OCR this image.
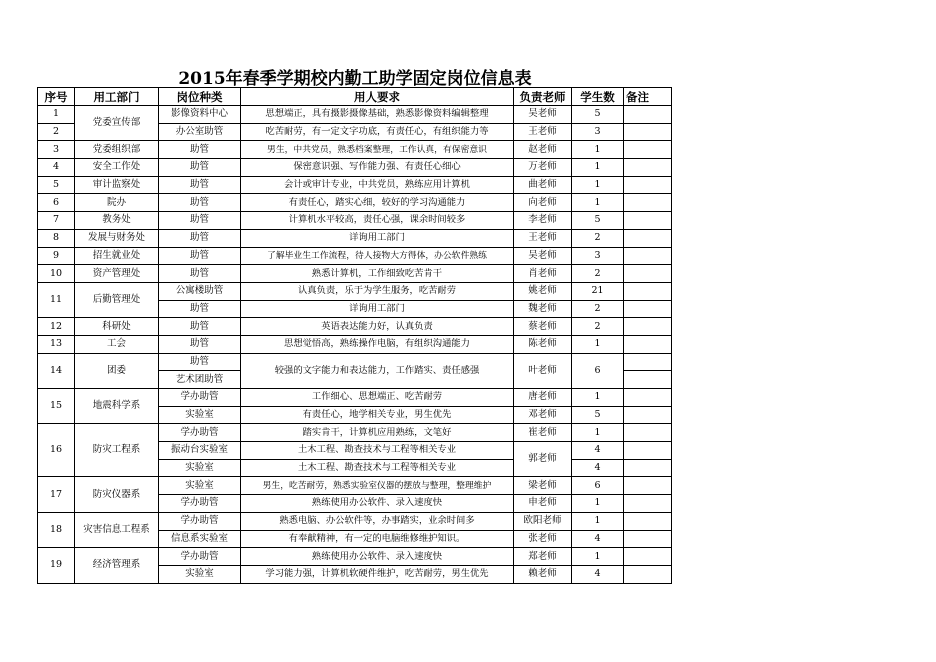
2015年春季学期校内勤工助学固定岗位信息表
序号	用工部门	岗位种类	用人要求	负责老师	学生数	备注
1	党委宣传部	影像资料中心	思想端正，具有摄影摄像基础，熟悉影像资料编辑整理	吴老师	5	
2		办公室助管	吃苦耐劳，有一定文字功底，有责任心，有组织能力等	王老师	3	
3	党委组织部	助管	男生，中共党员，熟悉档案整理，工作认真，有保密意识	赵老师	1	
4	安全工作处	助管	保密意识强、写作能力强、有责任心细心	万老师	1	
5	审计监察处	助管	会计或审计专业，中共党员，熟练应用计算机	曲老师	1	
6	院办	助管	有责任心，踏实心细，较好的学习沟通能力	向老师	1	
7	教务处	助管	计算机水平较高，责任心强，课余时间较多	李老师	5	
8	发展与财务处	助管	详询用工部门	王老师	2	
9	招生就业处	助管	了解毕业生工作流程，待人接物大方得体，办公软件熟练	吴老师	3	
10	资产管理处	助管	熟悉计算机，工作细致吃苦肯干	肖老师	2	
11	后勤管理处	公寓楼助管	认真负责，乐于为学生服务，吃苦耐劳	姚老师	21	
		助管	详询用工部门	魏老师	2	
12	科研处	助管	英语表达能力好，认真负责	蔡老师	2	
13	工会	助管	思想觉悟高，熟练操作电脑，有组织沟通能力	陈老师	1	
14	团委	助管	较强的文字能力和表达能力，工作踏实、责任感强	叶老师	6	
		艺术团助管				
15	地震科学系	学办助管	工作细心、思想端正、吃苦耐劳	唐老师	1	
		实验室	有责任心，地学相关专业，男生优先	邓老师	5	
16	防灾工程系	学办助管	踏实肯干，计算机应用熟练，文笔好	崔老师	1	
		振动台实验室	土木工程、勘查技术与工程等相关专业	郭老师	4	
		实验室	土木工程、勘查技术与工程等相关专业		4	
17	防灾仪器系	实验室	男生，吃苦耐劳，熟悉实验室仪器的摆放与整理，整理维护	梁老师	6	
		学办助管	熟练使用办公软件、录入速度快	申老师	1	
18	灾害信息工程系	学办助管	熟悉电脑、办公软件等，办事踏实，业余时间多	欧阳老师	1	
		信息系实验室	有奉献精神，有一定的电脑维修维护知识。	张老师	4	
19	经济管理系	学办助管	熟练使用办公软件、录入速度快	郑老师	1	
		实验室	学习能力强，计算机软硬件维护，吃苦耐劳，男生优先	赖老师	4	
